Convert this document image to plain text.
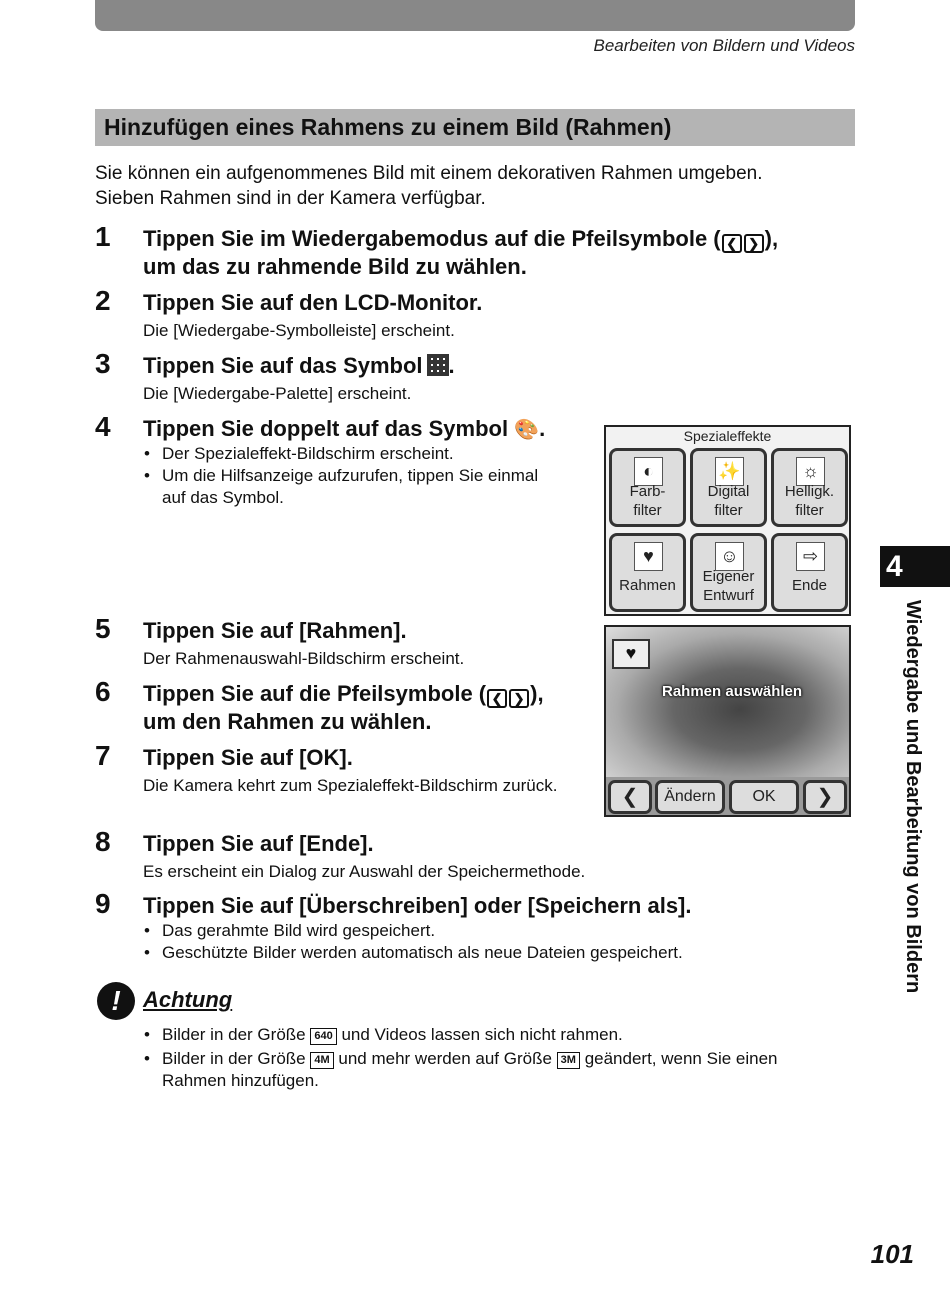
Bearbeiten von Bildern und Videos
Hinzufügen eines Rahmens zu einem Bild (Rahmen)
Sie können ein aufgenommenes Bild mit einem dekorativen Rahmen umgeben.
Sieben Rahmen sind in der Kamera verfügbar.
1 Tippen Sie im Wiedergabemodus auf die Pfeilsymbole ( ❮ ❯ ),
um das zu rahmende Bild zu wählen.
2 Tippen Sie auf den LCD-Monitor.
Die [Wiedergabe-Symbolleiste] erscheint.
3 Tippen Sie auf das Symbol .
Die [Wiedergabe-Palette] erscheint.
4 Tippen Sie doppelt auf das Symbol 🎨.
• Der Spezialeffekt-Bildschirm erscheint.
• Um die Hilfsanzeige aufzurufen, tippen Sie einmal auf das Symbol.
Spezialeffekte
◐
Farb-
filter
✨
Digital
filter
☼
Helligk.
filter
♥
Rahmen
☺
Eigener
Entwurf
⇨
Ende
5 Tippen Sie auf [Rahmen].
Der Rahmenauswahl-Bildschirm erscheint.
6 Tippen Sie auf die Pfeilsymbole ( ❮ ❯ ),
um den Rahmen zu wählen.
7 Tippen Sie auf [OK].
Die Kamera kehrt zum Spezialeffekt-Bildschirm zurück.
♥
Rahmen auswählen
❮	Ändern	OK	❯
8 Tippen Sie auf [Ende].
Es erscheint ein Dialog zur Auswahl der Speichermethode.
9 Tippen Sie auf [Überschreiben] oder [Speichern als].
• Das gerahmte Bild wird gespeichert.
• Geschützte Bilder werden automatisch als neue Dateien gespeichert.
4
Wiedergabe und Bearbeitung von Bildern
!	Achtung
• Bilder in der Größe 640 und Videos lassen sich nicht rahmen.
• Bilder in der Größe 4M und mehr werden auf Größe 3M geändert, wenn Sie einen Rahmen hinzufügen.
101
